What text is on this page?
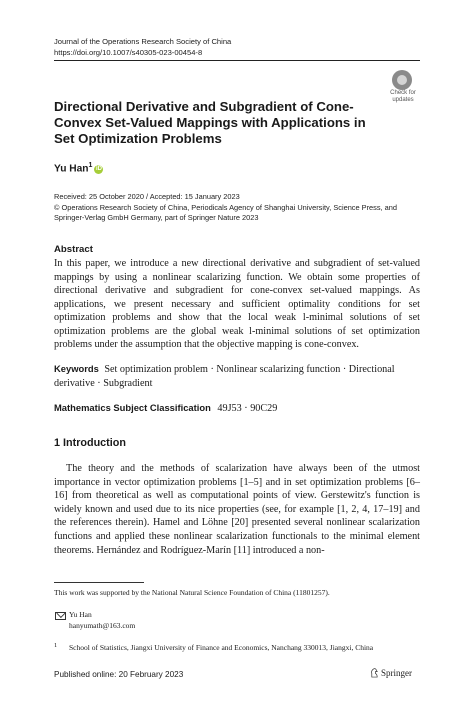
Journal of the Operations Research Society of China
https://doi.org/10.1007/s40305-023-00454-8
Check for
updates
Directional Derivative and Subgradient of Cone-Convex Set-Valued Mappings with Applications in Set Optimization Problems
Yu Han$^1$iD
Received: 25 October 2020 / Accepted: 15 January 2023
© Operations Research Society of China, Periodicals Agency of Shanghai University, Science Press, and Springer-Verlag GmbH Germany, part of Springer Nature 2023
Abstract
In this paper, we introduce a new directional derivative and subgradient of set-valued mappings by using a nonlinear scalarizing function. We obtain some properties of directional derivative and subgradient for cone-convex set-valued mappings. As applications, we present necessary and sufficient optimality conditions for set optimization problems and show that the local weak l-minimal solutions of set optimization problems are the global weak l-minimal solutions of set optimization problems under the assumption that the objective mapping is cone-convex.
Keywords Set optimization problem · Nonlinear scalarizing function · Directional derivative · Subgradient
Mathematics Subject Classification 49J53 · 90C29
1 Introduction
The theory and the methods of scalarization have always been of the utmost importance in vector optimization problems [1–5] and in set optimization problems [6–16] from theoretical as well as computational points of view. Gerstewitz's function is widely known and used due to its nice properties (see, for example [1, 2, 4, 17–19] and the references therein). Hamel and Löhne [20] presented several nonlinear scalarization functions and applied these nonlinear scalarization functionals to the minimal element theorems. Hernández and Rodríguez-Marín [11] introduced a non-
This work was supported by the National Natural Science Foundation of China (11801257).
Yu Han
hanyumath@163.com
1 School of Statistics, Jiangxi University of Finance and Economics, Nanchang 330013, Jiangxi, China
Published online: 20 February 2023	Springer
